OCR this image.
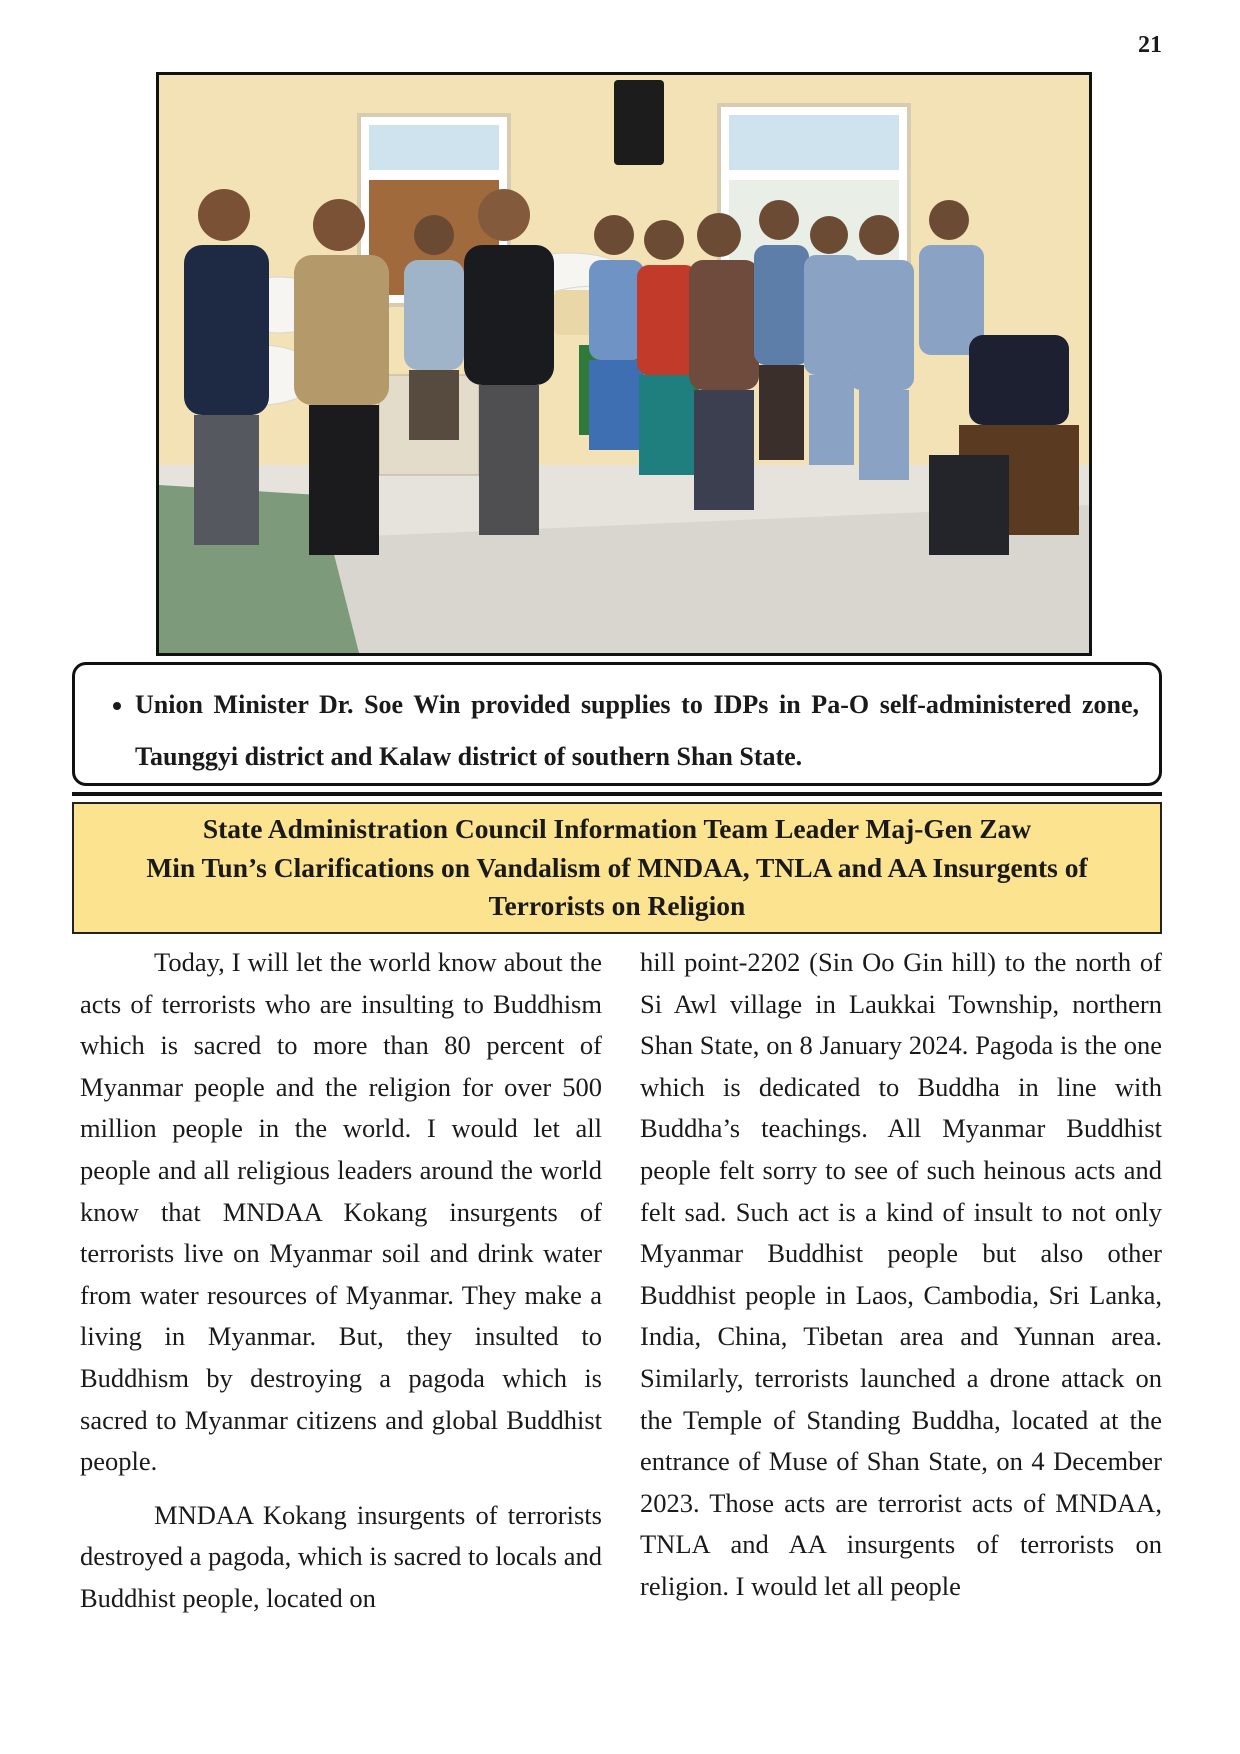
21
• Union Minister Dr. Soe Win provided supplies to IDPs in Pa-O self-administered zone, Taunggyi district and Kalaw district of southern Shan State.
State Administration Council Information Team Leader Maj-Gen Zaw
Min Tun’s Clarifications on Vandalism of MNDAA, TNLA and AA Insurgents of
Terrorists on Religion

Today, I will let the world know about the acts of terrorists who are insulting to Buddhism which is sacred to more than 80 percent of Myanmar people and the religion for over 500 million people in the world. I would let all people and all religious leaders around the world know that MNDAA Kokang insurgents of terrorists live on Myanmar soil and drink water from water resources of Myanmar. They make a living in Myanmar. But, they insulted to Buddhism by destroying a pagoda which is sacred to Myanmar citizens and global Buddhist people.

MNDAA Kokang insurgents of terrorists destroyed a pagoda, which is sacred to locals and Buddhist people, located on

hill point-2202 (Sin Oo Gin hill) to the north of Si Awl village in Laukkai Township, northern Shan State, on 8 January 2024. Pagoda is the one which is dedicated to Buddha in line with Buddha’s teachings. All Myanmar Buddhist people felt sorry to see of such heinous acts and felt sad. Such act is a kind of insult to not only Myanmar Buddhist people but also other Buddhist people in Laos, Cambodia, Sri Lanka, India, China, Tibetan area and Yunnan area. Similarly, terrorists launched a drone attack on the Temple of Standing Buddha, located at the entrance of Muse of Shan State, on 4 December 2023. Those acts are terrorist acts of MNDAA, TNLA and AA insurgents of terrorists on religion. I would let all people
